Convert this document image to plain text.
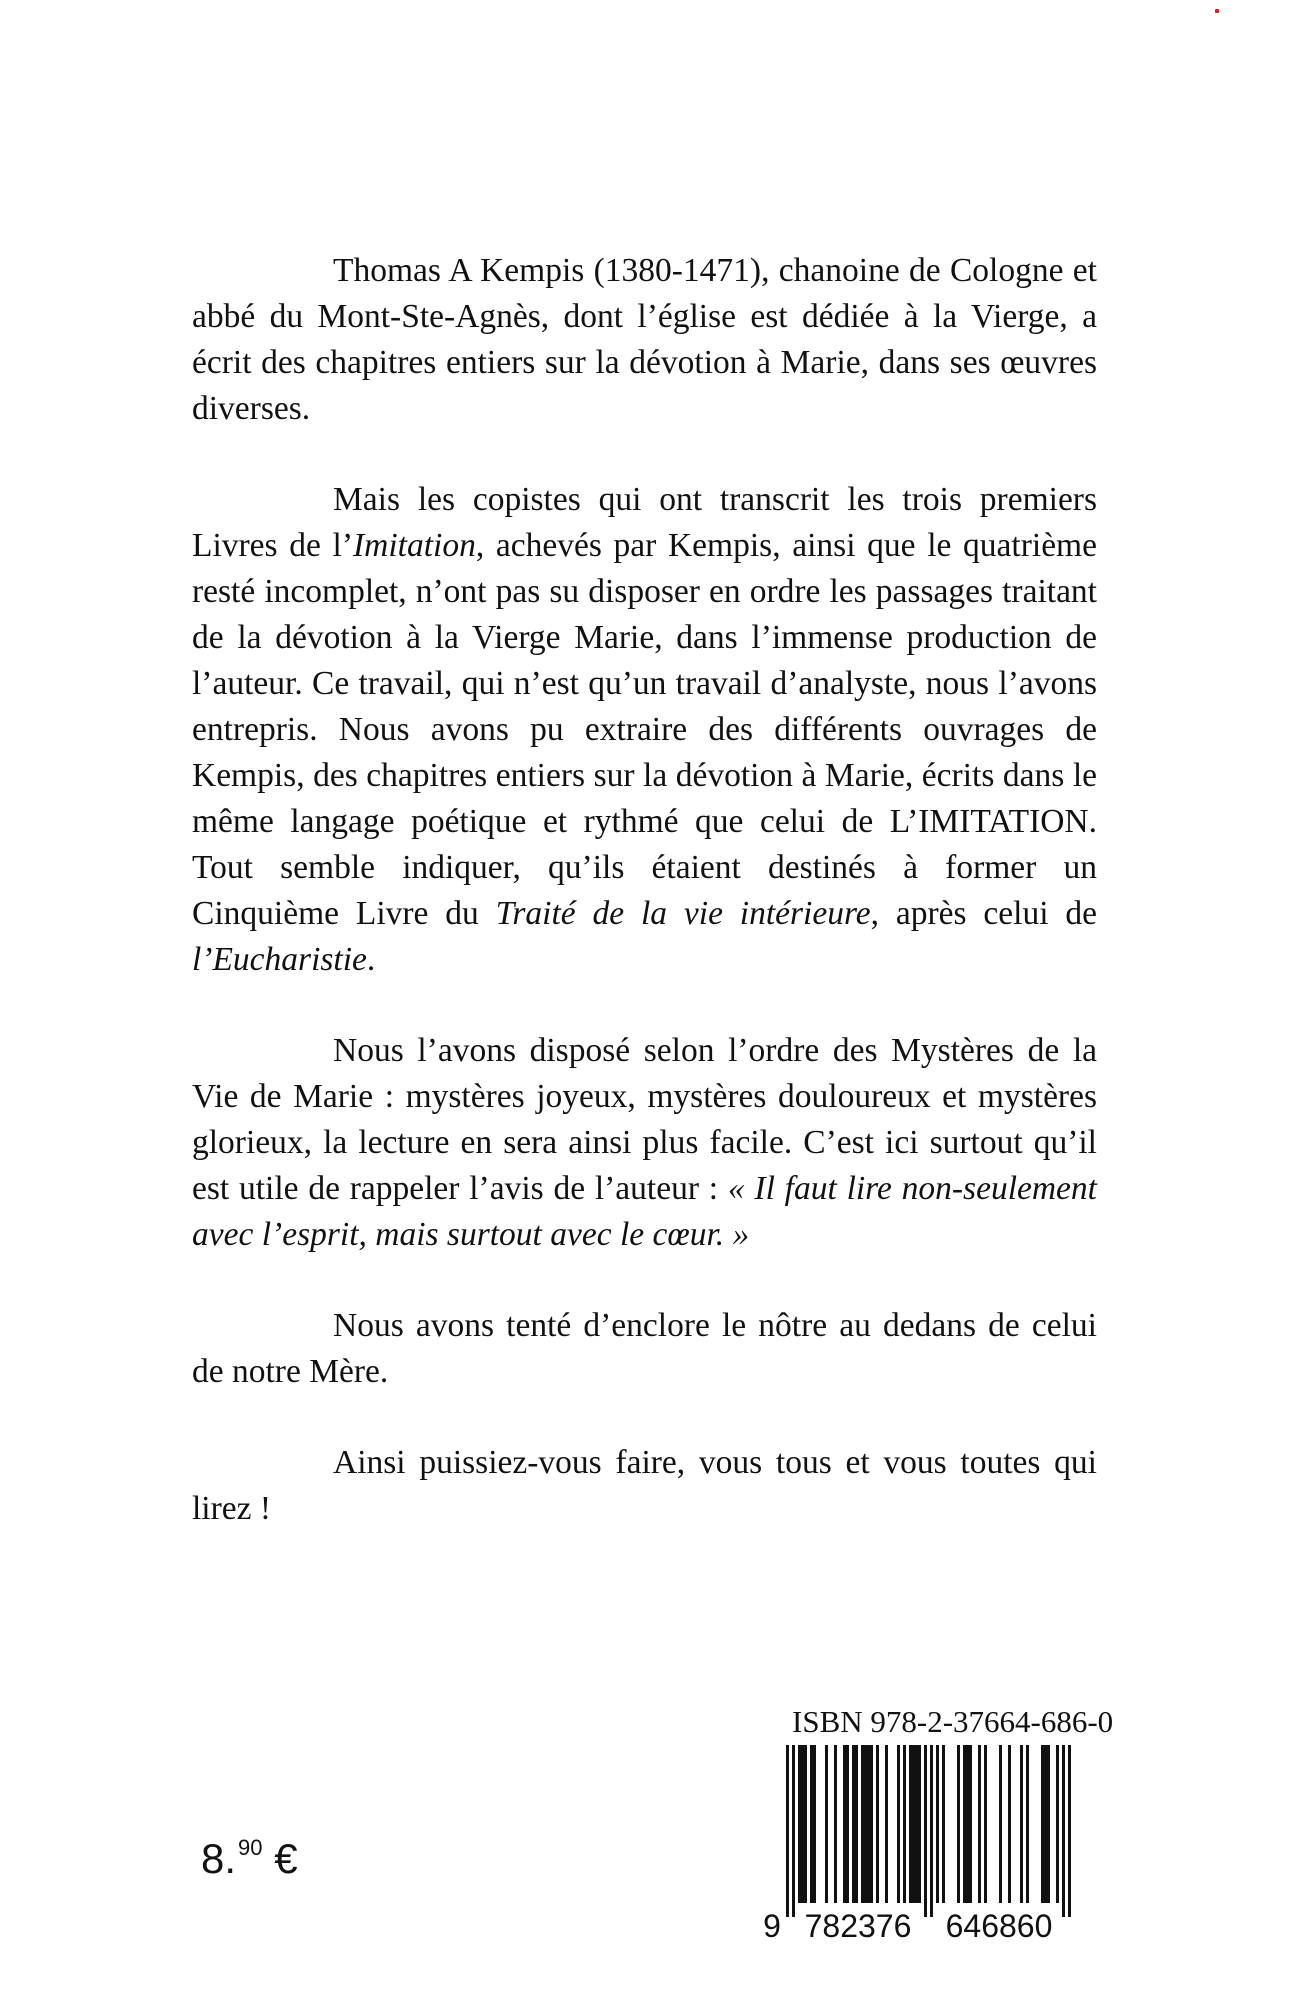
Thomas A Kempis (1380-1471), chanoine de Cologne et abbé du Mont-Ste-Agnès, dont l’église est dédiée à la Vierge, a écrit des chapitres entiers sur la dévotion à Marie, dans ses œuvres diverses.

Mais les copistes qui ont transcrit les trois premiers Livres de l’Imitation, achevés par Kempis, ainsi que le quatrième resté incomplet, n’ont pas su disposer en ordre les passages traitant de la dévotion à la Vierge Marie, dans l’immense production de l’auteur. Ce travail, qui n’est qu’un travail d’analyste, nous l’avons entrepris. Nous avons pu extraire des différents ouvrages de Kempis, des chapitres entiers sur la dévotion à Marie, écrits dans le même langage poétique et rythmé que celui de L’IMITATION. Tout semble indiquer, qu’ils étaient destinés à former un Cinquième Livre du Traité de la vie intérieure, après celui de l’Eucharistie.

Nous l’avons disposé selon l’ordre des Mystères de la Vie de Marie : mystères joyeux, mystères douloureux et mystères glorieux, la lecture en sera ainsi plus facile. C’est ici surtout qu’il est utile de rappeler l’avis de l’auteur : « Il faut lire non-seulement avec l’esprit, mais surtout avec le cœur. »

Nous avons tenté d’enclore le nôtre au dedans de celui de notre Mère.

Ainsi puissiez-vous faire, vous tous et vous toutes qui lirez !

8.90 €
ISBN 978-2-37664-686-0
9 782376 646860
